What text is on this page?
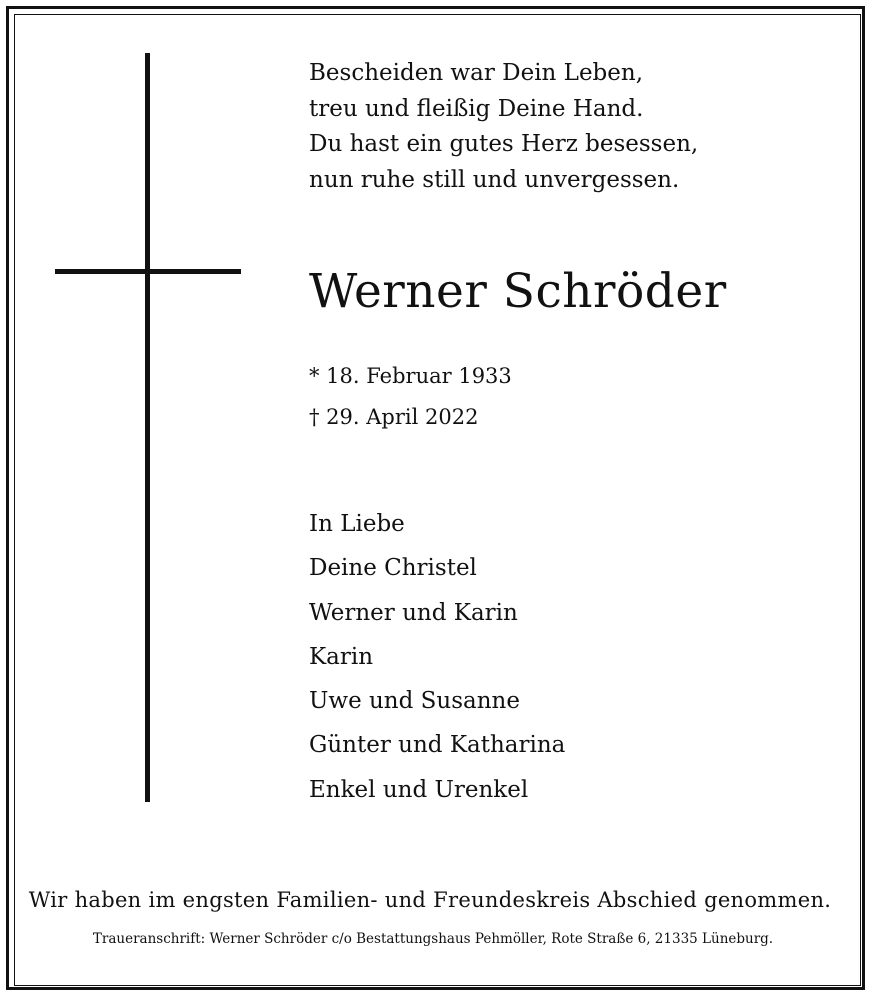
Bescheiden war Dein Leben,
treu und fleißig Deine Hand.
Du hast ein gutes Herz besessen,
nun ruhe still und unvergessen.
Werner Schröder
* 18. Februar 1933
† 29. April 2022
In Liebe
Deine Christel
Werner und Karin
Karin
Uwe und Susanne
Günter und Katharina
Enkel und Urenkel
Wir haben im engsten Familien- und Freundeskreis Abschied genommen.
Traueranschrift: Werner Schröder c/o Bestattungshaus Pehmöller, Rote Straße 6, 21335 Lüneburg.
